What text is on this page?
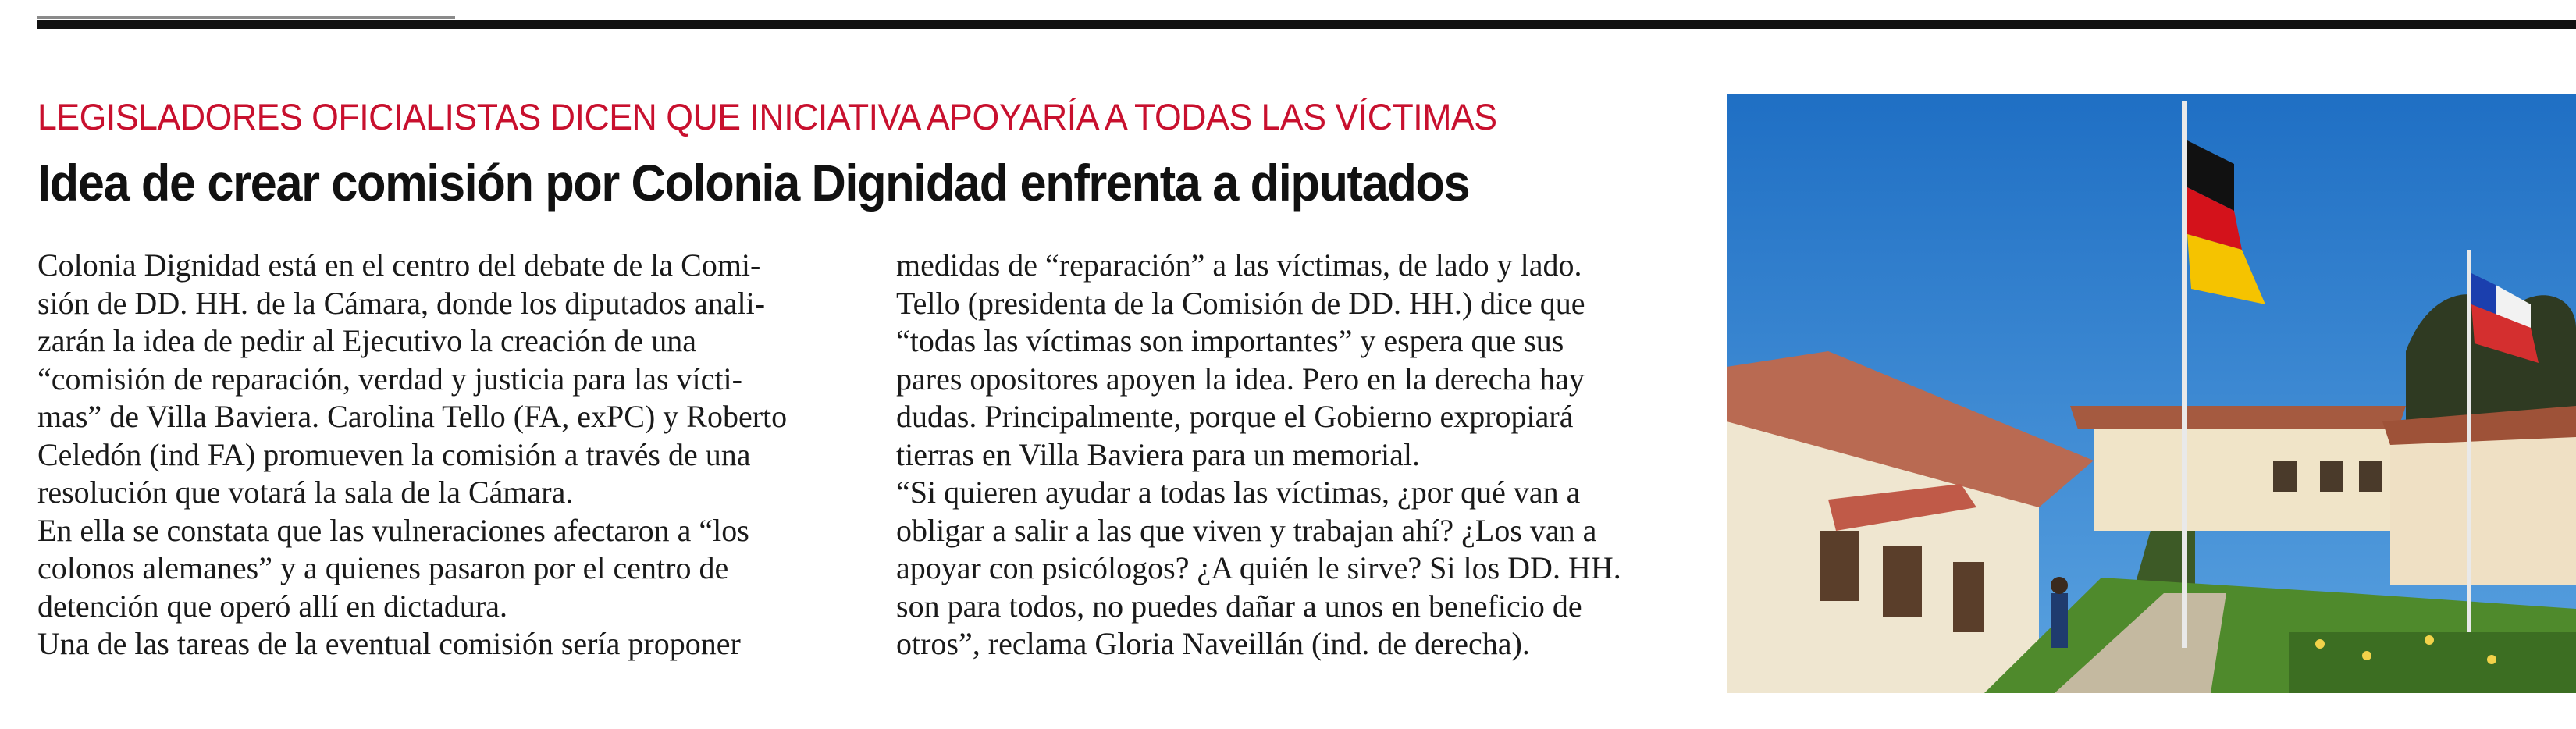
LEGISLADORES OFICIALISTAS DICEN QUE INICIATIVA APOYARÍA A TODAS LAS VÍCTIMAS
Idea de crear comisión por Colonia Dignidad enfrenta a diputados
Colonia Dignidad está en el centro del debate de la Comi-
sión de DD. HH. de la Cámara, donde los diputados anali-
zarán la idea de pedir al Ejecutivo la creación de una
“comisión de reparación, verdad y justicia para las vícti-
mas” de Villa Baviera. Carolina Tello (FA, exPC) y Roberto
Celedón (ind FA) promueven la comisión a través de una
resolución que votará la sala de la Cámara.
En ella se constata que las vulneraciones afectaron a “los
colonos alemanes” y a quienes pasaron por el centro de
detención que operó allí en dictadura.
Una de las tareas de la eventual comisión sería proponer
medidas de “reparación” a las víctimas, de lado y lado.
Tello (presidenta de la Comisión de DD. HH.) dice que
“todas las víctimas son importantes” y espera que sus
pares opositores apoyen la idea. Pero en la derecha hay
dudas. Principalmente, porque el Gobierno expropiará
tierras en Villa Baviera para un memorial.
“Si quieren ayudar a todas las víctimas, ¿por qué van a
obligar a salir a las que viven y trabajan ahí? ¿Los van a
apoyar con psicólogos? ¿A quién le sirve? Si los DD. HH.
son para todos, no puedes dañar a unos en beneficio de
otros”, reclama Gloria Naveillán (ind. de derecha).
